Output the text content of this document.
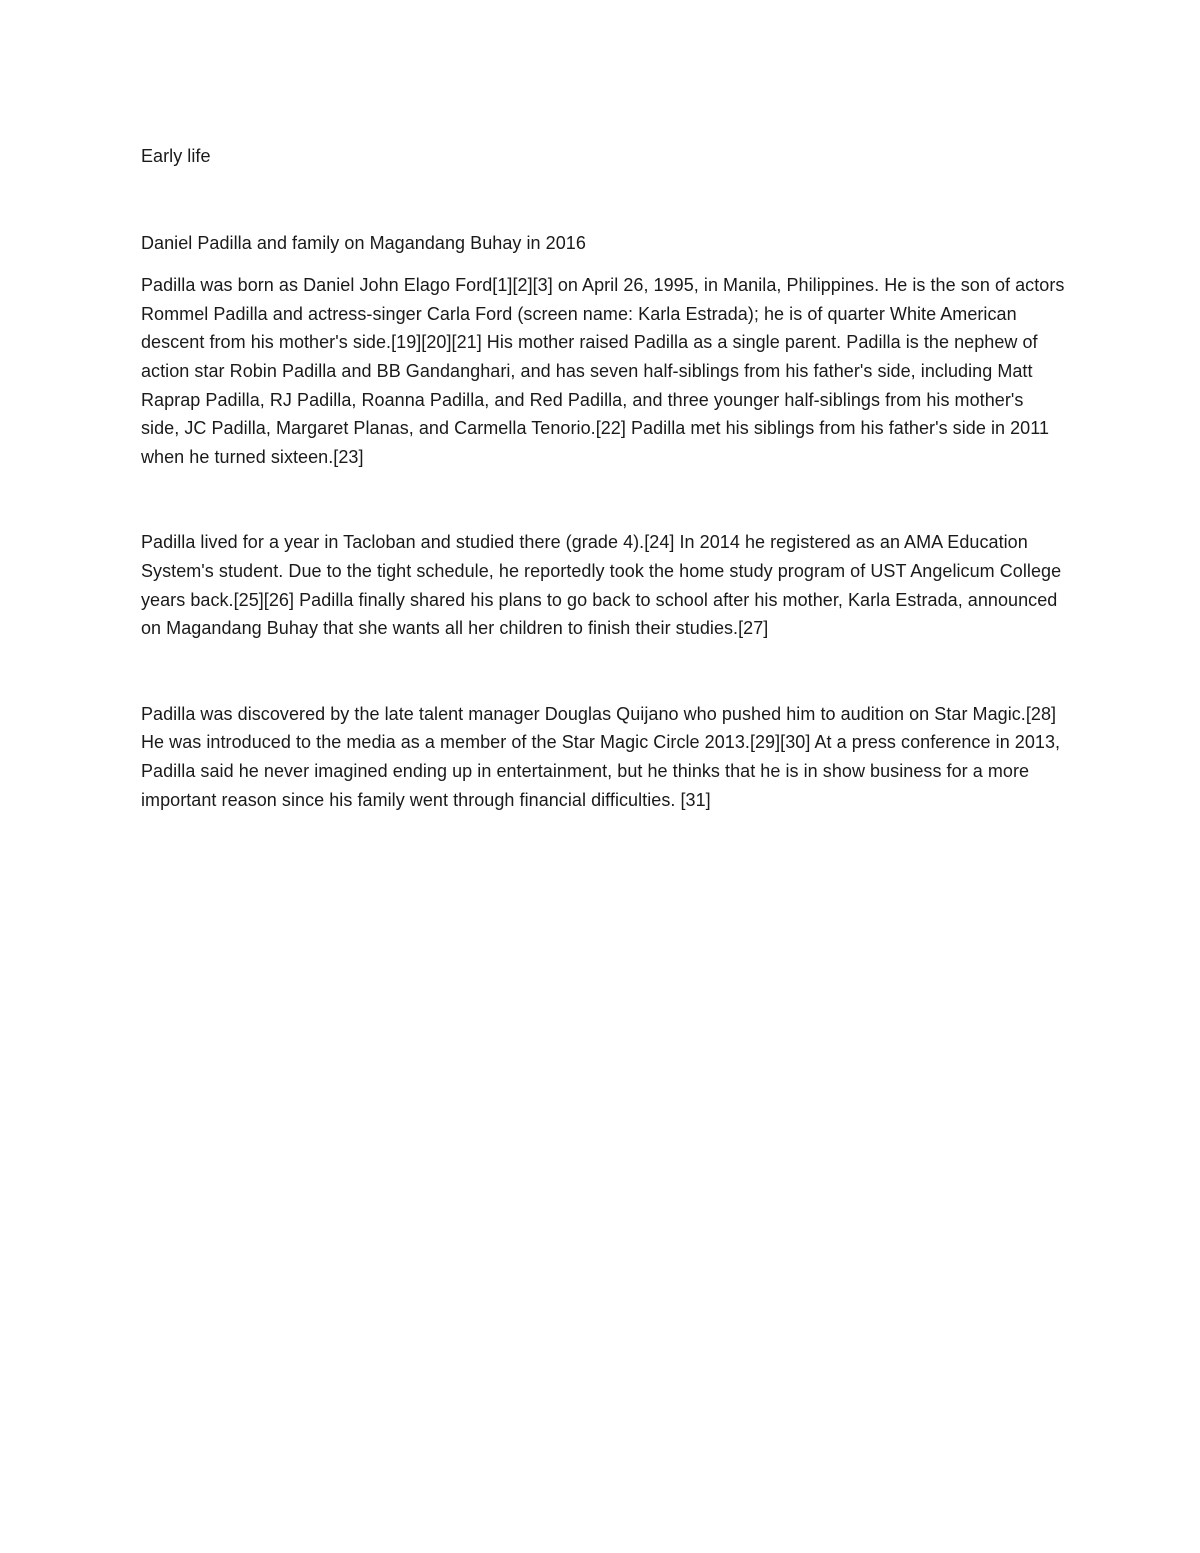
Early life

Daniel Padilla and family on Magandang Buhay in 2016

Padilla was born as Daniel John Elago Ford[1][2][3] on April 26, 1995, in Manila, Philippines. He is the son of actors Rommel Padilla and actress-singer Carla Ford (screen name: Karla Estrada); he is of quarter White American descent from his mother's side.[19][20][21] His mother raised Padilla as a single parent. Padilla is the nephew of action star Robin Padilla and BB Gandanghari, and has seven half-siblings from his father's side, including Matt Raprap Padilla, RJ Padilla, Roanna Padilla, and Red Padilla, and three younger half-siblings from his mother's side, JC Padilla, Margaret Planas, and Carmella Tenorio.[22] Padilla met his siblings from his father's side in 2011 when he turned sixteen.[23]

Padilla lived for a year in Tacloban and studied there (grade 4).[24] In 2014 he registered as an AMA Education System's student. Due to the tight schedule, he reportedly took the home study program of UST Angelicum College years back.[25][26] Padilla finally shared his plans to go back to school after his mother, Karla Estrada, announced on Magandang Buhay that she wants all her children to finish their studies.[27]

Padilla was discovered by the late talent manager Douglas Quijano who pushed him to audition on Star Magic.[28] He was introduced to the media as a member of the Star Magic Circle 2013.[29][30] At a press conference in 2013, Padilla said he never imagined ending up in entertainment, but he thinks that he is in show business for a more important reason since his family went through financial difficulties. [31]
